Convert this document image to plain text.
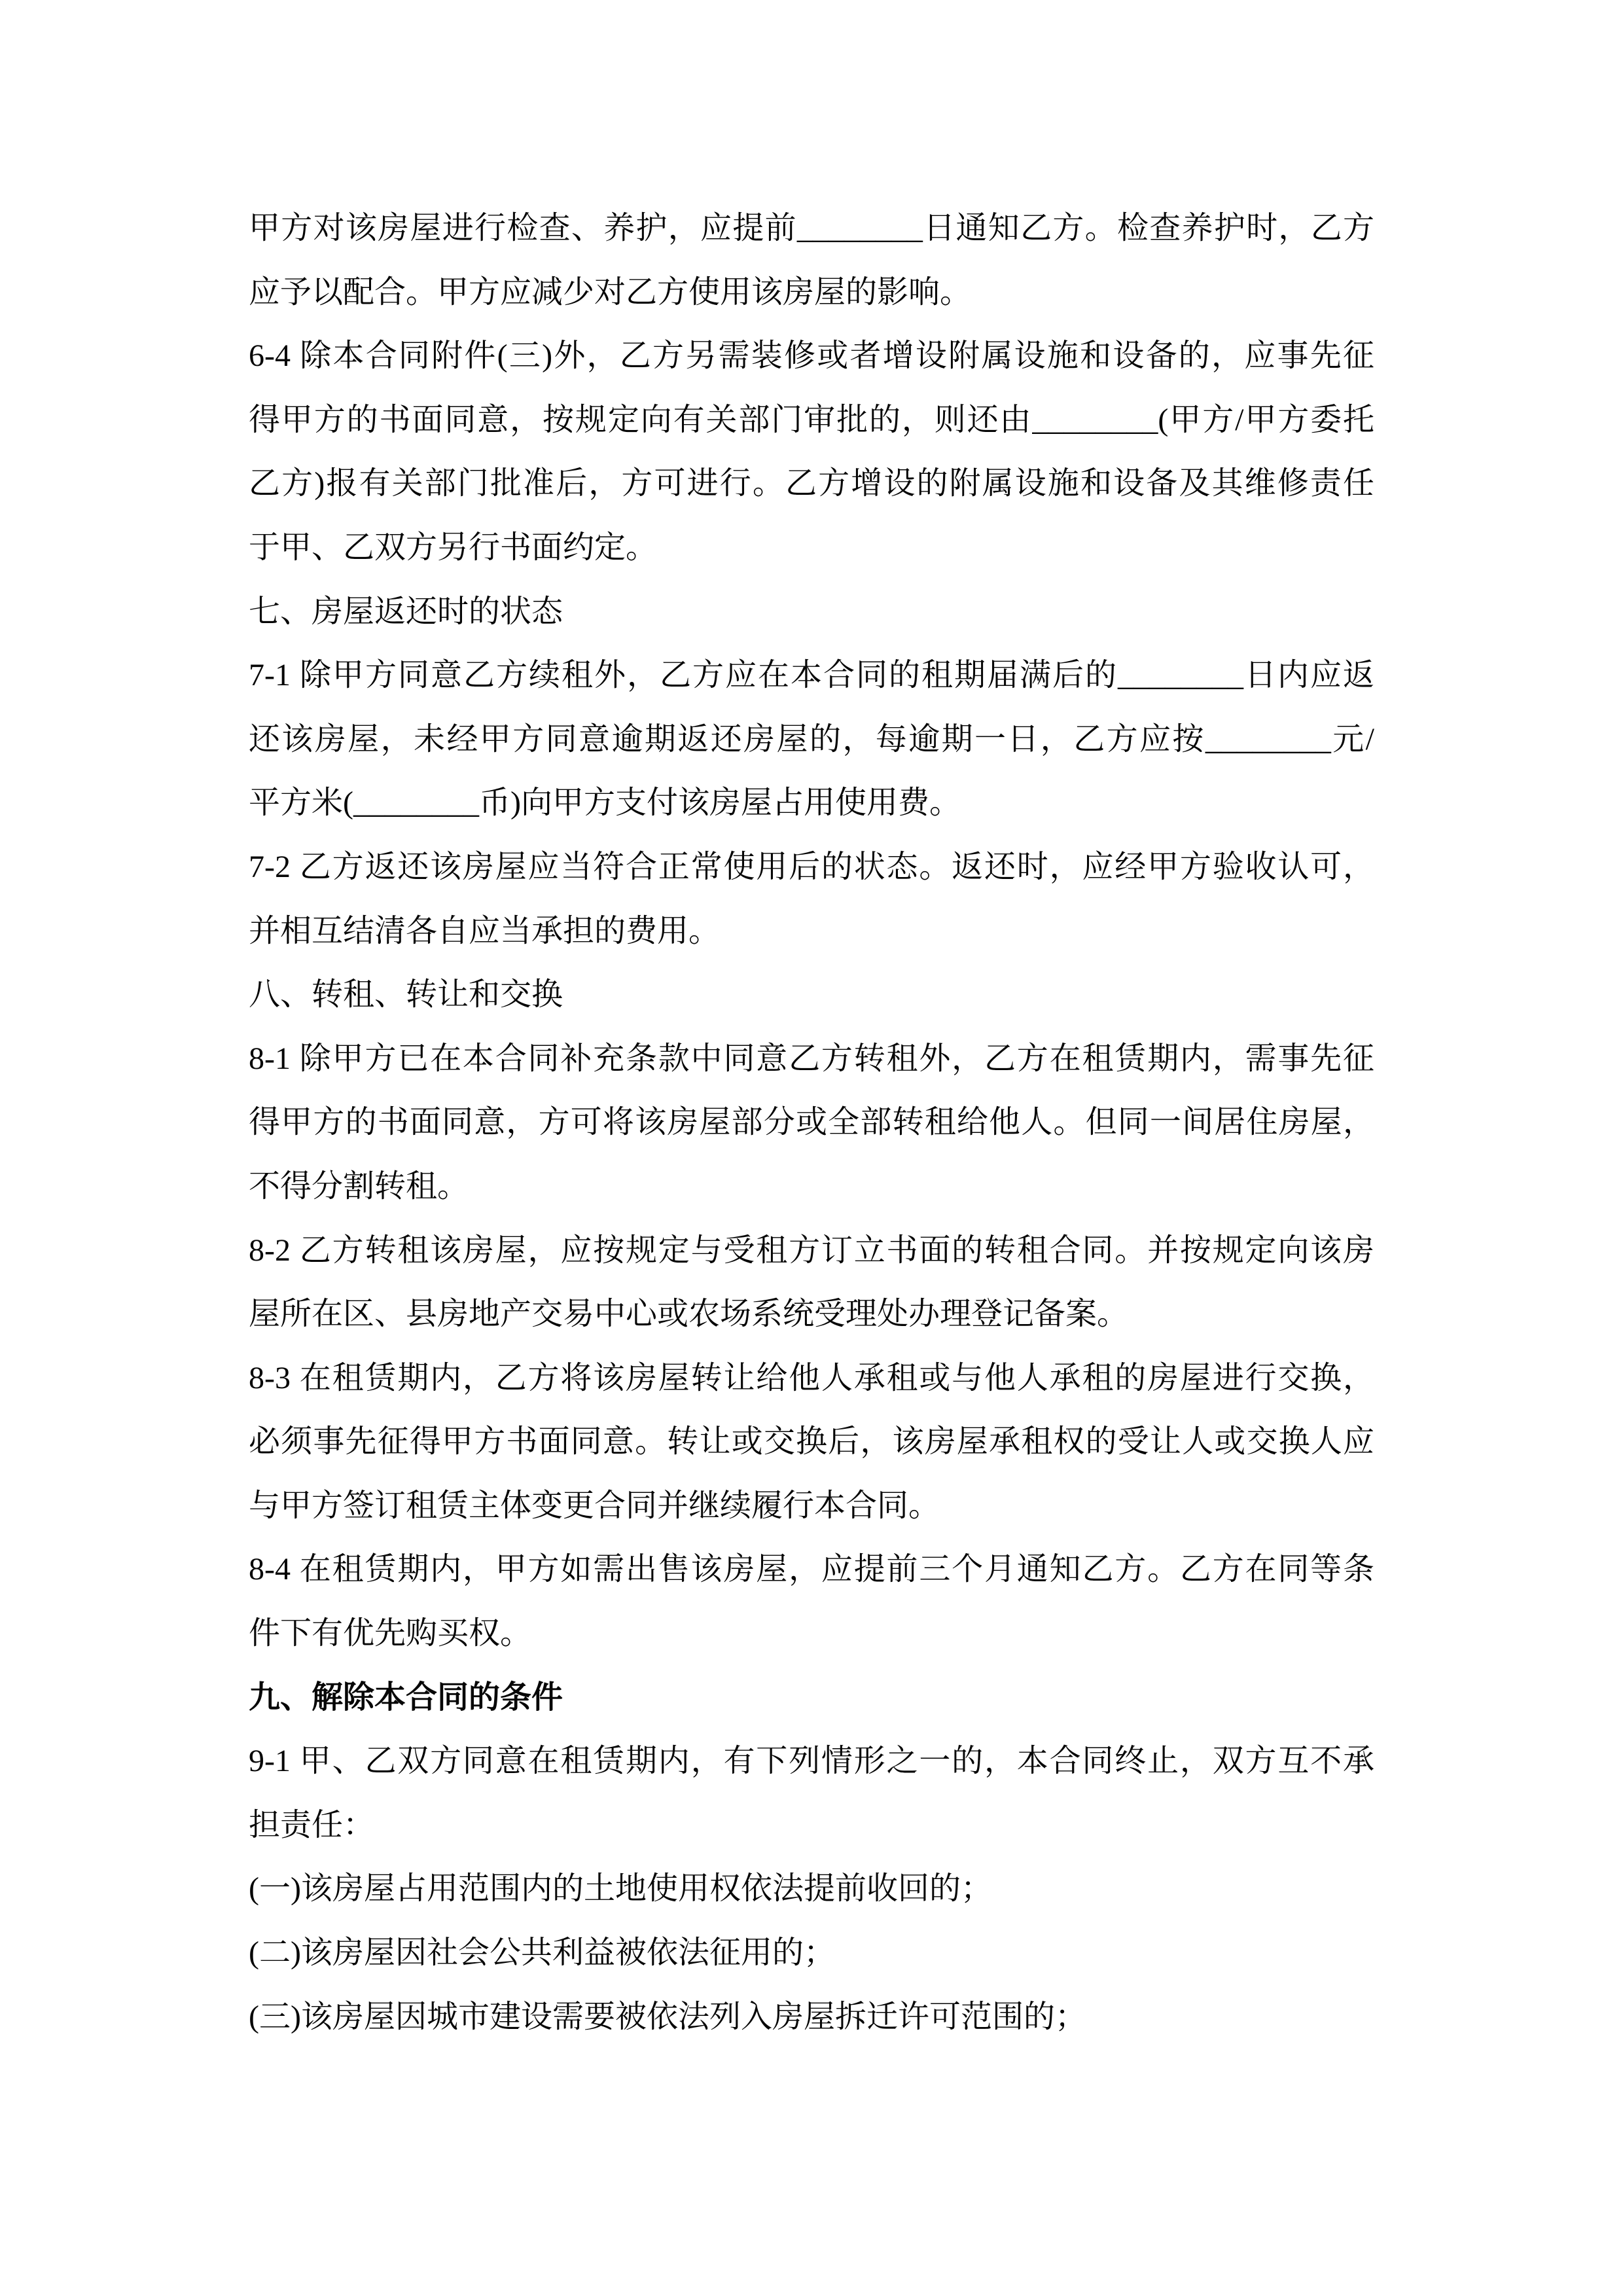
甲方对该房屋进行检查、养护，应提前________日通知乙方。检查养护时，乙方
应予以配合。甲方应减少对乙方使用该房屋的影响。
6-4 除本合同附件(三)外，乙方另需装修或者增设附属设施和设备的，应事先征
得甲方的书面同意，按规定向有关部门审批的，则还由________(甲方/甲方委托
乙方)报有关部门批准后，方可进行。乙方增设的附属设施和设备及其维修责任
于甲、乙双方另行书面约定。
七、房屋返还时的状态
7-1 除甲方同意乙方续租外，乙方应在本合同的租期届满后的________日内应返
还该房屋，未经甲方同意逾期返还房屋的，每逾期一日，乙方应按________元/
平方米(________币)向甲方支付该房屋占用使用费。
7-2 乙方返还该房屋应当符合正常使用后的状态。返还时，应经甲方验收认可，
并相互结清各自应当承担的费用。
八、转租、转让和交换
8-1 除甲方已在本合同补充条款中同意乙方转租外，乙方在租赁期内，需事先征
得甲方的书面同意，方可将该房屋部分或全部转租给他人。但同一间居住房屋，
不得分割转租。
8-2 乙方转租该房屋，应按规定与受租方订立书面的转租合同。并按规定向该房
屋所在区、县房地产交易中心或农场系统受理处办理登记备案。
8-3 在租赁期内，乙方将该房屋转让给他人承租或与他人承租的房屋进行交换，
必须事先征得甲方书面同意。转让或交换后，该房屋承租权的受让人或交换人应
与甲方签订租赁主体变更合同并继续履行本合同。
8-4 在租赁期内，甲方如需出售该房屋，应提前三个月通知乙方。乙方在同等条
件下有优先购买权。
九、解除本合同的条件
9-1 甲、乙双方同意在租赁期内，有下列情形之一的，本合同终止，双方互不承
担责任：
(一)该房屋占用范围内的土地使用权依法提前收回的；
(二)该房屋因社会公共利益被依法征用的；
(三)该房屋因城市建设需要被依法列入房屋拆迁许可范围的；
